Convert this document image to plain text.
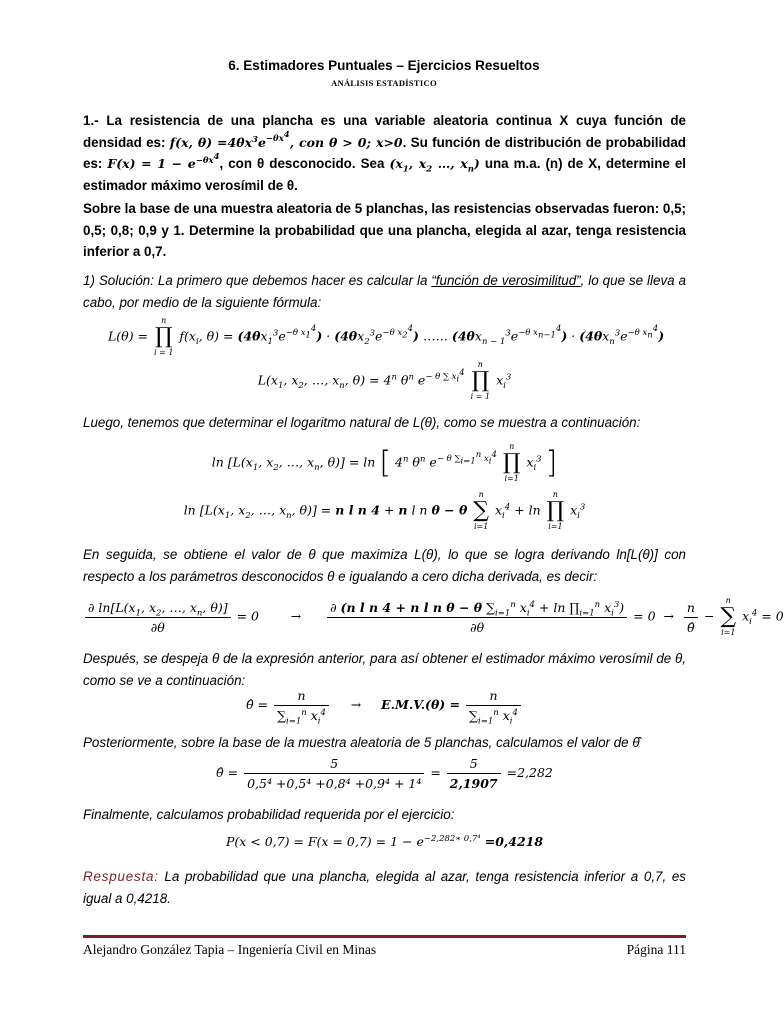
6. Estimadores Puntuales – Ejercicios Resueltos
ANÁLISIS ESTADÍSTICO
1.- La resistencia de una plancha es una variable aleatoria continua X cuya función de densidad es: f(x, $\theta) =4\theta x^3e^{-\theta x^4}$, con θ > 0; x>0. Su función de distribución de probabilidad es: $F(x) = 1 - e^{-\theta x^4}$, con θ desconocido. Sea ($x_1$, $x_2$ …, $x_n$) una m.a. (n) de X, determine el estimador máximo verosímil de θ.
Sobre la base de una muestra aleatoria de 5 planchas, las resistencias observadas fueron: 0,5; 0,5; 0,8; 0,9 y 1. Determine la probabilidad que una plancha, elegida al azar, tenga resistencia inferior a 0,7.
1) Solución: La primero que debemos hacer es calcular la “función de verosimilitud”, lo que se lleva a cabo, por medio de la siguiente fórmula:
L(θ) =
n
∏
i = 1
$f(x_i$, $\theta) = (4\theta x_1^3e^{-\theta x_1^4}) \cdot (4\theta x_2^3e^{-\theta x_2^4})$ …… $(4\theta x_{n - 1}^3e^{-\theta x_{n-1}^4}) \cdot (4\theta x_n^3e^{-\theta x_n^4})$
$L(x_1$, $x_2$, …, $x_n$, $\theta) = 4^n$ $\theta^n$ $e^{- \theta \sum x_i^4}$
n
∏
i = 1
$x_i^3$
Luego, tenemos que determinar el logaritmo natural de L(θ), como se muestra a continuación:
$\ln [L(x_1$, $x_2$, …, $x_n$, θ)] = ln [ 4$^n$ $\theta^n$ $e^{- \theta \sum_{i=1}^n x_i^4}$
n
∏
i=1
$x_i^3$ ]
$\ln [L(x_1$, $x_2$, …, $x_n$, θ)] = n l n 4 + n l n θ − θ
n
∑
i=1
$x_i^4 + \ln$
n
∏
i=1
$x_i^3$
En seguida, se obtiene el valor de θ que maximiza L(θ), lo que se logra derivando ln[L(θ)] con respecto a los parámetros desconocidos θ e igualando a cero dicha derivada, es decir:
$\frac{\partial \ln[L(x_1, x_2, \dots, x_n, \theta)]}{\partial\theta} = 0$        → $\frac{\partial (n l n 4 + n l n \theta - \theta \sum_{i=1}^n x_i^4 + \ln \prod_{i=1}^n x_i^3)}{\partial\theta} = 0 \to \frac{n}{\thetâ}$ −
n
∑
i=1
$x_i^4 = 0$
Después, se despeja θ de la expresión anterior, para así obtener el estimador máximo verosímil de θ, como se ve a continuación:
θ̂ = $\frac{n}{\sum_{i=1}^n x_i^4}$ →     $E.M.V.(\theta) = \frac{n}{\sum_{i=1}^n x_i^4}$
Posteriormente, sobre la base de la muestra aleatoria de 5 planchas, calculamos el valor de θ̂
θ̂ = $\frac{5}{\text{0,5⁴ +0,5⁴ +0,8⁴ +0,9⁴ + 1⁴}} = \frac{5}{2,1907} =2,282$
Finalmente, calculamos probabilidad requerida por el ejercicio:
$P(x < 0,7) = F(x = 0,7) = 1 - e^{-2,282∗ 0,7^4} =0,4218$
Respuesta: La probabilidad que una plancha, elegida al azar, tenga resistencia inferior a 0,7, es igual a 0,4218.
Alejandro González Tapia – Ingeniería Civil en Minas	Página 111
